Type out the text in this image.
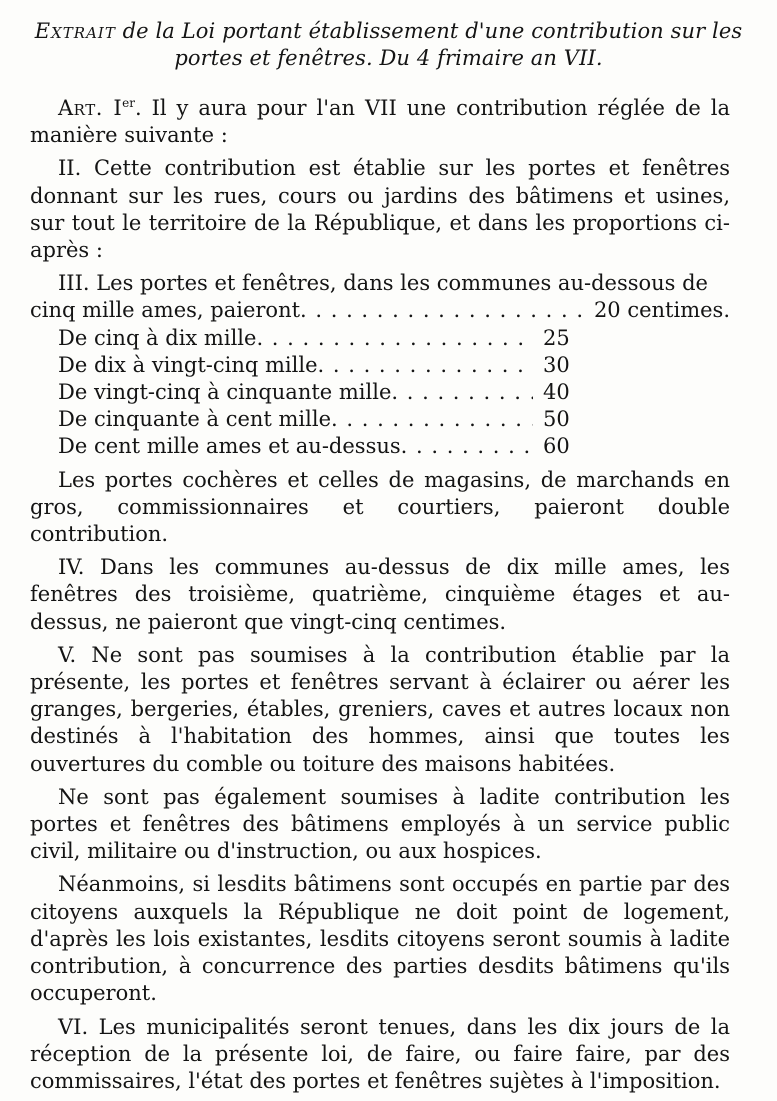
Extrait de la Loi portant établissement d'une contribution sur les
portes et fenêtres. Du 4 frimaire an VII.

Art. Ier. Il y aura pour l'an VII une contribution réglée de la manière suivante :

II. Cette contribution est établie sur les portes et fenêtres donnant sur les rues, cours ou jardins des bâtimens et usines, sur tout le territoire de la République, et dans les proportions ci-après :

III. Les portes et fenêtres, dans les communes au-dessous de

cinq mille ames, paieront . . .	20 centimes.
De cinq à dix mille . . .	25
De dix à vingt-cinq mille . . .	30
De vingt-cinq à cinquante mille . . .	40
De cinquante à cent mille . . .	50
De cent mille ames et au-dessus . . .	60

Les portes cochères et celles de magasins, de marchands en gros, commissionnaires et courtiers, paieront double contribution.

IV. Dans les communes au-dessus de dix mille ames, les fenêtres des troisième, quatrième, cinquième étages et au-dessus, ne paieront que vingt-cinq centimes.

V. Ne sont pas soumises à la contribution établie par la présente, les portes et fenêtres servant à éclairer ou aérer les granges, bergeries, étables, greniers, caves et autres locaux non destinés à l'habitation des hommes, ainsi que toutes les ouvertures du comble ou toiture des maisons habitées.

Ne sont pas également soumises à ladite contribution les portes et fenêtres des bâtimens employés à un service public civil, militaire ou d'instruction, ou aux hospices.

Néanmoins, si lesdits bâtimens sont occupés en partie par des citoyens auxquels la République ne doit point de logement, d'après les lois existantes, lesdits citoyens seront soumis à ladite contribution, à concurrence des parties desdits bâtimens qu'ils occuperont.

VI. Les municipalités seront tenues, dans les dix jours de la réception de la présente loi, de faire, ou faire faire, par des commissaires, l'état des portes et fenêtres sujètes à l'imposition.
